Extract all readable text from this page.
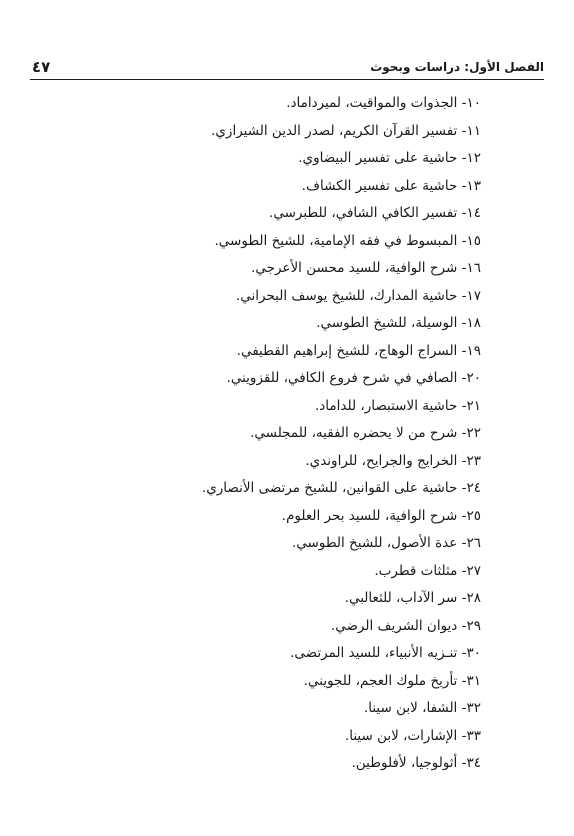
الفصل الأول: دراسات وبحوث
٤٧
١٠- الجذوات والمواقيت، لميرداماد.
١١- تفسير القرآن الكريم، لصدر الدين الشيرازي.
١٢- حاشية على تفسير البيضاوي.
١٣- حاشية على تفسير الكشاف.
١٤- تفسير الكافي الشافي، للطبرسي.
١٥- المبسوط في فقه الإمامية، للشيخ الطوسي.
١٦- شرح الوافية، للسيد محسن الأعرجي.
١٧- حاشية المدارك، للشيخ يوسف البحراني.
١٨- الوسيلة، للشيخ الطوسي.
١٩- السراج الوهاج، للشيخ إبراهيم القطيفي.
٢٠- الصافي في شرح فروع الكافي، للقزويني.
٢١- حاشية الاستبصار، للداماد.
٢٢- شرح من لا يحضره الفقيه، للمجلسي.
٢٣- الخرايج والجرايح، للراوندي.
٢٤- حاشية على القوانين، للشيخ مرتضى الأنصاري.
٢٥- شرح الوافية، للسيد بحر العلوم.
٢٦- عدة الأصول، للشيخ الطوسي.
٢٧- مثلثات قطرب.
٢٨- سر الآداب، للثعالبي.
٢٩- ديوان الشريف الرضي.
٣٠- تنـزيه الأنبياء، للسيد المرتضى.
٣١- تأريخ ملوك العجم، للجويني.
٣٢- الشفا، لابن سينا.
٣٣- الإشارات، لابن سينا.
٣٤- أثولوجيا، لأفلوطين.
